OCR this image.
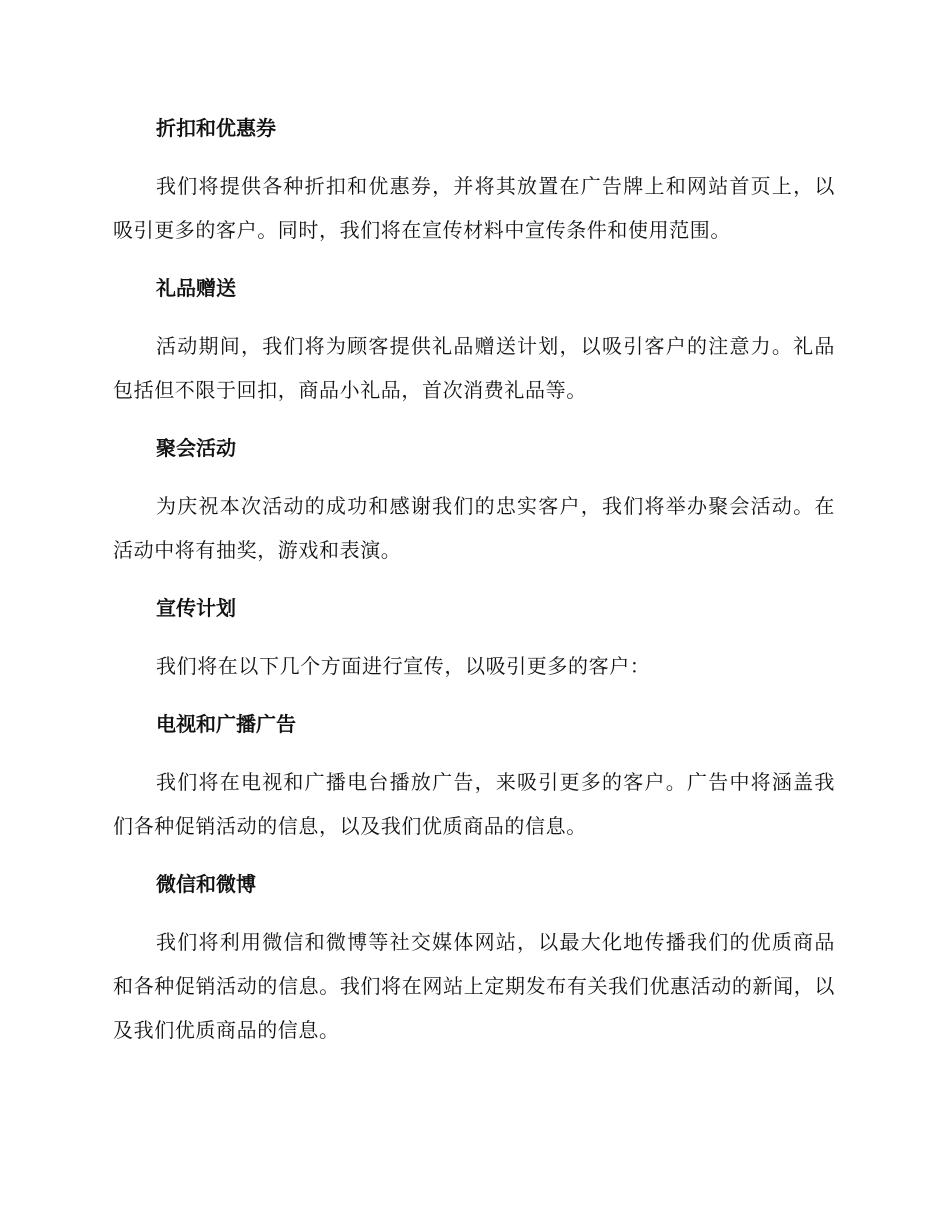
折扣和优惠券

我们将提供各种折扣和优惠券，并将其放置在广告牌上和网站首页上，以吸引更多的客户。同时，我们将在宣传材料中宣传条件和使用范围。

礼品赠送

活动期间，我们将为顾客提供礼品赠送计划，以吸引客户的注意力。礼品包括但不限于回扣，商品小礼品，首次消费礼品等。

聚会活动

为庆祝本次活动的成功和感谢我们的忠实客户，我们将举办聚会活动。在活动中将有抽奖，游戏和表演。

宣传计划

我们将在以下几个方面进行宣传，以吸引更多的客户：

电视和广播广告

我们将在电视和广播电台播放广告，来吸引更多的客户。广告中将涵盖我们各种促销活动的信息，以及我们优质商品的信息。

微信和微博

我们将利用微信和微博等社交媒体网站，以最大化地传播我们的优质商品和各种促销活动的信息。我们将在网站上定期发布有关我们优惠活动的新闻，以及我们优质商品的信息。
